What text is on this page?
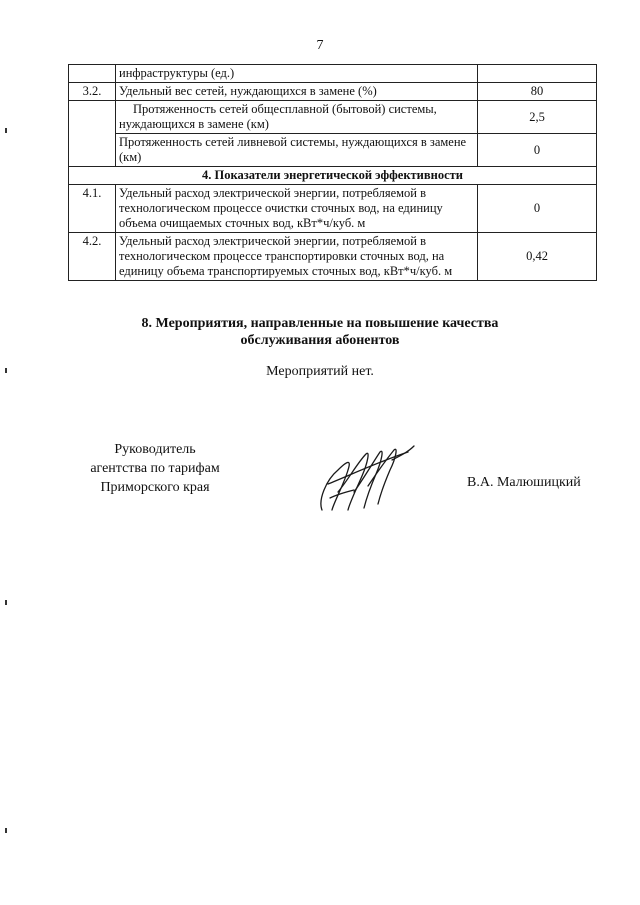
7
	инфраструктуры (ед.)	
3.2.	Удельный вес сетей, нуждающихся в замене (%)	80
	Протяженность сетей общесплавной (бытовой) системы, нуждающихся в замене (км)	2,5
	Протяженность сетей ливневой системы, нуждающихся в замене (км)	0
4. Показатели энергетической эффективности		
4.1.	Удельный расход электрической энергии, потребляемой в технологическом процессе очистки сточных вод, на единицу объема очищаемых сточных вод, кВт*ч/куб. м	0
4.2.	Удельный расход электрической энергии, потребляемой в технологическом процессе транспортировки сточных вод, на единицу объема транспортируемых сточных вод, кВт*ч/куб. м	0,42
8. Мероприятия, направленные на повышение качества
обслуживания абонентов
Мероприятий нет.
Руководитель
агентства по тарифам
Приморского края	В.А. Малюшицкий
